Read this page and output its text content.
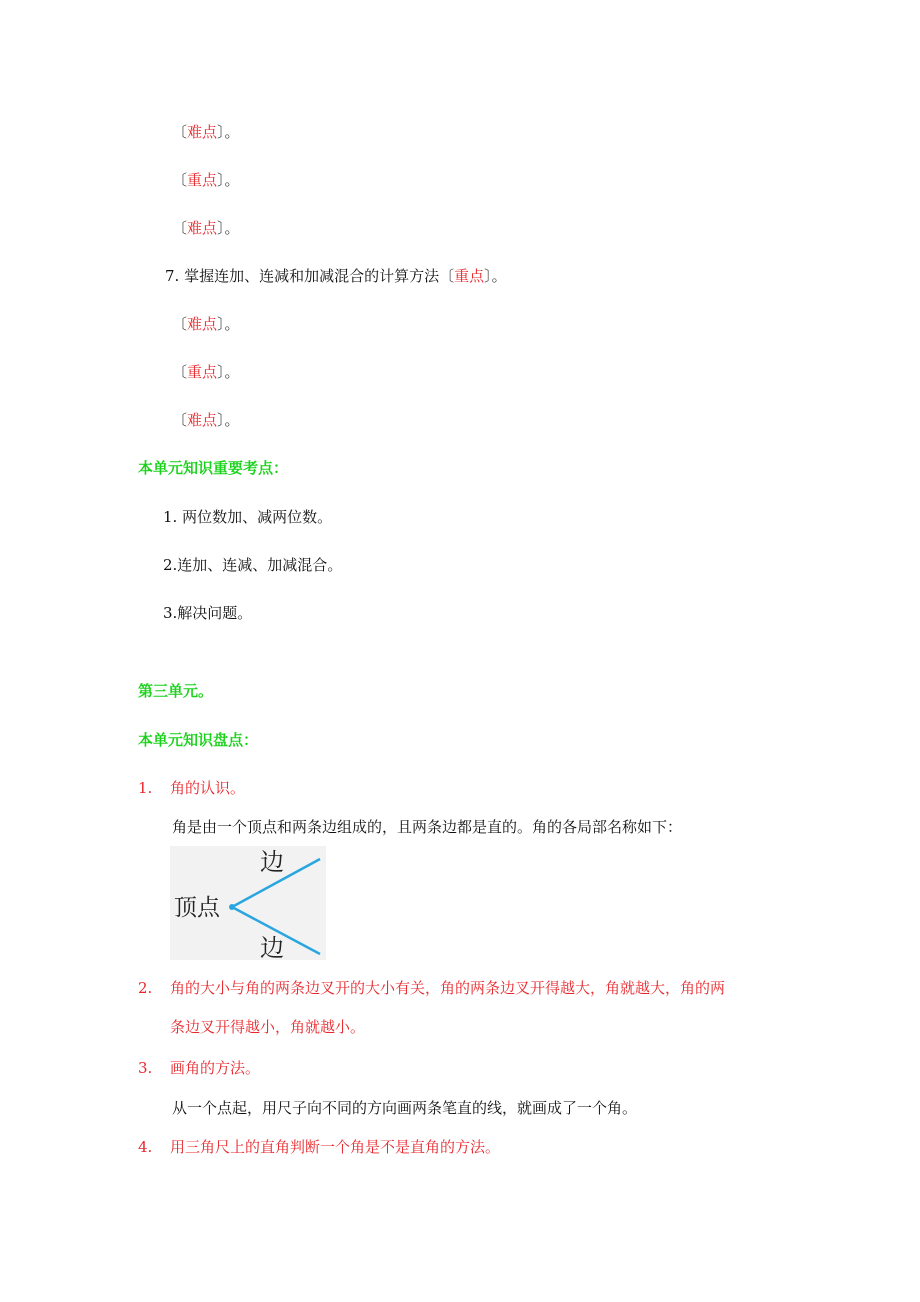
〔难点〕。
〔重点〕。
〔难点〕。
7. 掌握连加、连减和加减混合的计算方法〔重点〕。
〔难点〕。
〔重点〕。
〔难点〕。
本单元知识重要考点：
1. 两位数加、减两位数。
2.连加、连减、加减混合。
3.解决问题。
第三单元。
本单元知识盘点：
1. 角的认识。
角是由一个顶点和两条边组成的，且两条边都是直的。角的各局部名称如下：
边
顶点
边
2. 角的大小与角的两条边叉开的大小有关，角的两条边叉开得越大，角就越大，角的两
条边叉开得越小，角就越小。
3. 画角的方法。
从一个点起，用尺子向不同的方向画两条笔直的线，就画成了一个角。
4. 用三角尺上的直角判断一个角是不是直角的方法。
